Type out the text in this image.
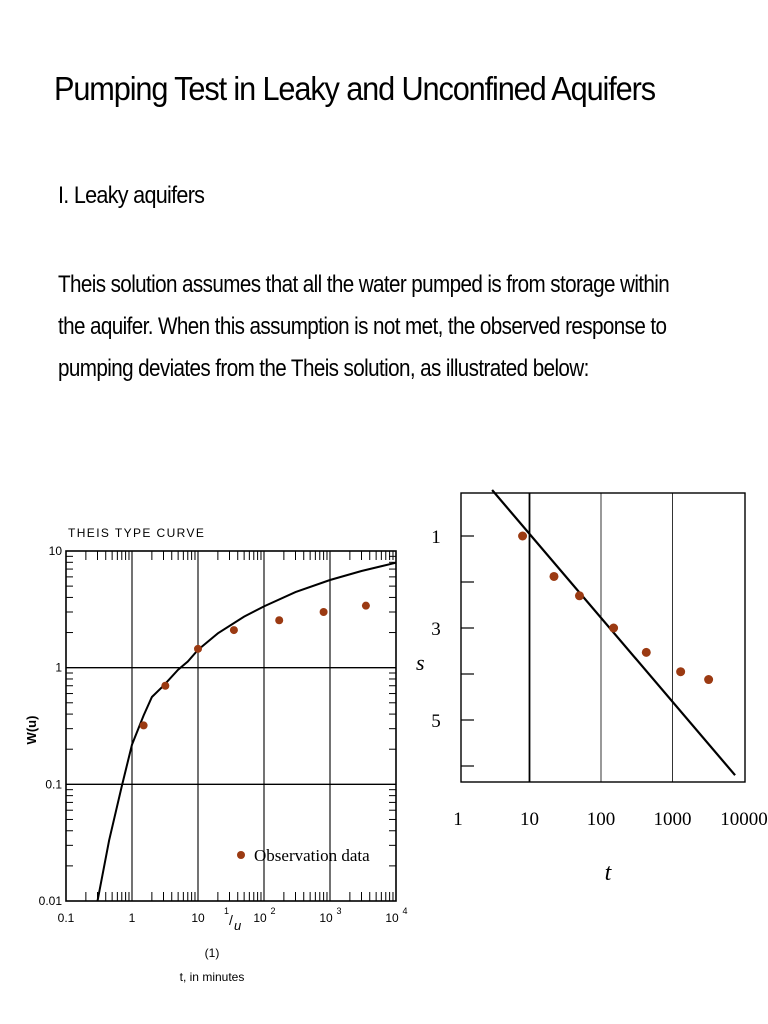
Pumping Test in Leaky and Unconfined Aquifers
I. Leaky aquifers
Theis solution assumes that all the water pumped is from storage within
the aquifer. When this assumption is not met, the observed response to
pumping deviates from the Theis solution, as illustrated below:
THEIS TYPE CURVE
W(u)
(1)
t, in minutes
0.1	1	10	10 2	10 3	10 4
0.01
0.1
1
10
1
/ u
Observation data
s
t
1
3
5
1	10	100 1000 10000
